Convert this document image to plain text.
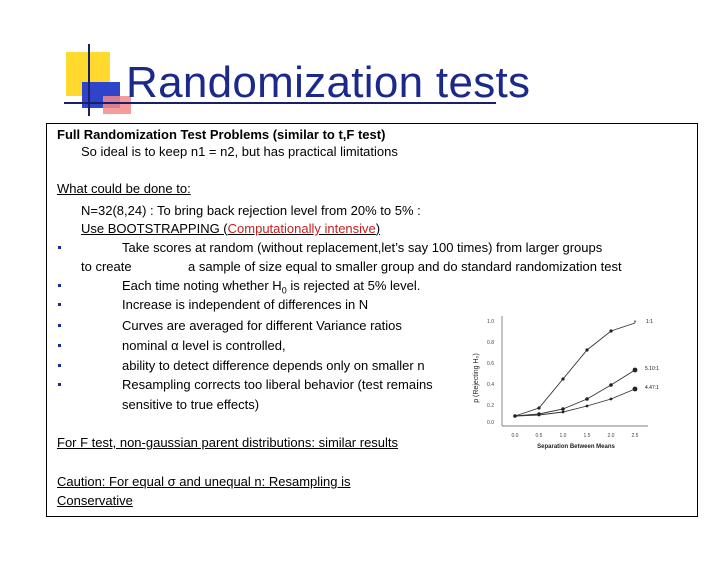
Randomization tests
Full Randomization Test Problems (similar to t,F test)
So ideal is to keep n1 = n2, but has practical limitations
What could be done to:
N=32(8,24) : To bring back rejection level from 20% to 5% :
Use BOOTSTRAPPING (Computationally intensive)
Take scores at random (without replacement,let’s say 100 times) from larger groups
to create	a sample of size equal to smaller group and do standard randomization test
Each time noting whether $H_0$ is rejected at 5% level.
Increase is independent of differences in N
Curves are averaged for different Variance ratios
nominal α level is controlled,
ability to detect difference depends only on smaller n
Resampling corrects too liberal behavior (test remains
sensitive to true effects)
For F test, non-gaussian parent distributions: similar results
Caution: For equal σ and unequal n: Resampling is
Conservative
p (Rejecting H₀)
1.0
0.8
0.6
0.4
0.2
0.0
0.0	0.5	1.0	1.5	2.0	2.5
Separation Between Means
* 1:1
5.10:1
4.47:1
